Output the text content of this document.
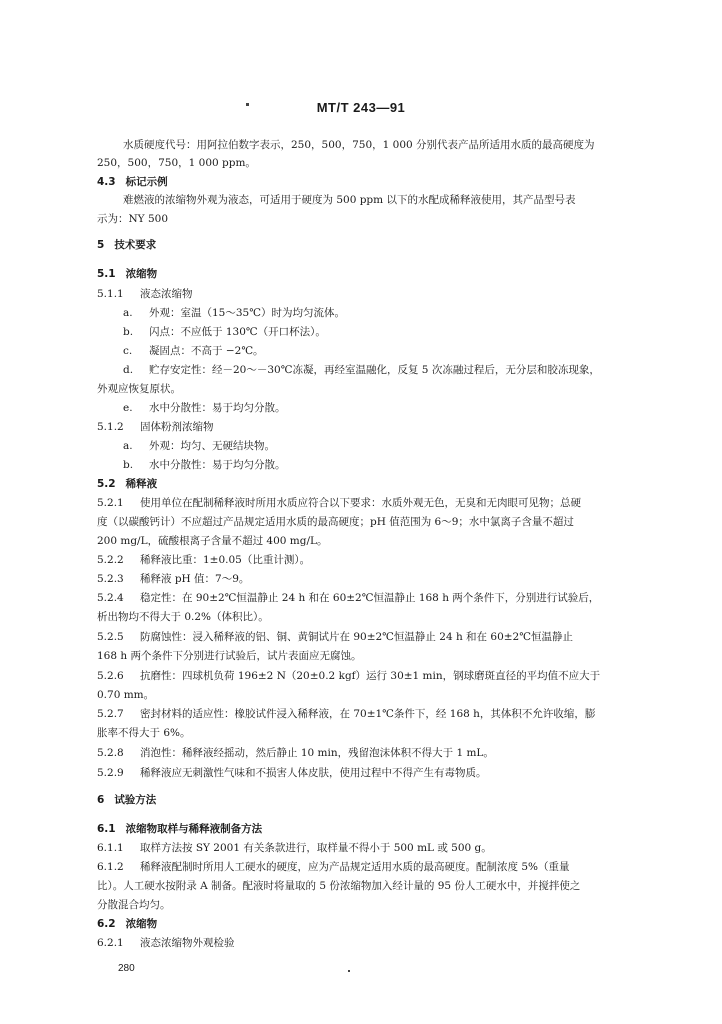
MT/T 243—91
水质硬度代号：用阿拉伯数字表示，250，500，750，1 000 分别代表产品所适用水质的最高硬度为
250，500，750，1 000 ppm。
4.3 标记示例
难燃液的浓缩物外观为液态，可适用于硬度为 500 ppm 以下的水配成稀释液使用，其产品型号表
示为：NY 500
5 技术要求
5.1 浓缩物
5.1.1 液态浓缩物
a. 外观：室温（15～35℃）时为均匀流体。
b. 闪点：不应低于 130℃（开口杯法）。
c. 凝固点：不高于 −2℃。
d. 贮存安定性：经－20～－30℃冻凝，再经室温融化，反复 5 次冻融过程后，无分层和胶冻现象，
外观应恢复原状。
e. 水中分散性：易于均匀分散。
5.1.2 固体粉剂浓缩物
a. 外观：均匀、无硬结块物。
b. 水中分散性：易于均匀分散。
5.2 稀释液
5.2.1 使用单位在配制稀释液时所用水质应符合以下要求：水质外观无色，无臭和无肉眼可见物；总硬
度（以碳酸钙计）不应超过产品规定适用水质的最高硬度；pH 值范围为 6～9；水中氯离子含量不超过
200 mg/L，硫酸根离子含量不超过 400 mg/L。
5.2.2 稀释液比重：1±0.05（比重计测）。
5.2.3 稀释液 pH 值：7～9。
5.2.4 稳定性：在 90±2℃恒温静止 24 h 和在 60±2℃恒温静止 168 h 两个条件下，分别进行试验后，
析出物均不得大于 0.2%（体积比）。
5.2.5 防腐蚀性：浸入稀释液的铝、铜、黄铜试片在 90±2℃恒温静止 24 h 和在 60±2℃恒温静止
168 h 两个条件下分别进行试验后，试片表面应无腐蚀。
5.2.6 抗磨性：四球机负荷 196±2 N（20±0.2 kgf）运行 30±1 min，钢球磨斑直径的平均值不应大于
0.70 mm。
5.2.7 密封材料的适应性：橡胶试件浸入稀释液，在 70±1℃条件下，经 168 h，其体积不允许收缩，膨
胀率不得大于 6%。
5.2.8 消泡性：稀释液经摇动，然后静止 10 min，残留泡沫体积不得大于 1 mL。
5.2.9 稀释液应无刺激性气味和不损害人体皮肤，使用过程中不得产生有毒物质。
6 试验方法
6.1 浓缩物取样与稀释液制备方法
6.1.1 取样方法按 SY 2001 有关条款进行，取样量不得小于 500 mL 或 500 g。
6.1.2 稀释液配制时所用人工硬水的硬度，应为产品规定适用水质的最高硬度。配制浓度 5%（重量
比）。人工硬水按附录 A 制备。配液时将量取的 5 份浓缩物加入经计量的 95 份人工硬水中，并搅拌使之
分散混合均匀。
6.2 浓缩物
6.2.1 液态浓缩物外观检验
280
